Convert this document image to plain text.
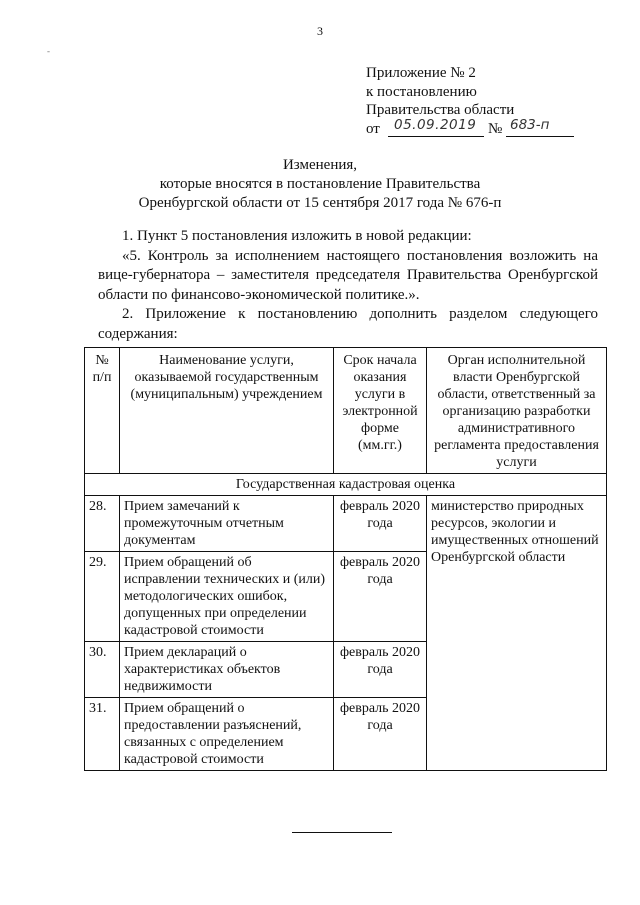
3
-
Приложение № 2
к постановлению
Правительства области
от 05.09.2019 № 683-п
Изменения,
которые вносятся в постановление Правительства
Оренбургской области от 15 сентября 2017 года № 676-п

1. Пункт 5 постановления изложить в новой редакции:

«5. Контроль за исполнением настоящего постановления возложить на вице-губернатора – заместителя председателя Правительства Оренбургской области по финансово-экономической политике.».

2. Приложение к постановлению дополнить разделом следующего содержания:

№ п/п	Наименование услуги, оказываемой государственным (муниципальным) учреждением	Срок начала оказания услуги в электронной форме (мм.гг.)	Орган исполнительной власти Оренбургской области, ответственный за организацию разработки административного регламента предоставления услуги
Государственная кадастровая оценка			
28.	Прием замечаний к промежуточным отчетным документам	февраль 2020 года	министерство природных ресурсов, экологии и имущественных отношений Оренбургской области
29.	Прием обращений об исправлении технических и (или) методологических ошибок, допущенных при определении кадастровой стоимости	февраль 2020 года	
30.	Прием деклараций о характеристиках объектов недвижимости	февраль 2020 года	
31.	Прием обращений о предоставлении разъяснений, связанных с определением кадастровой стоимости	февраль 2020 года	
